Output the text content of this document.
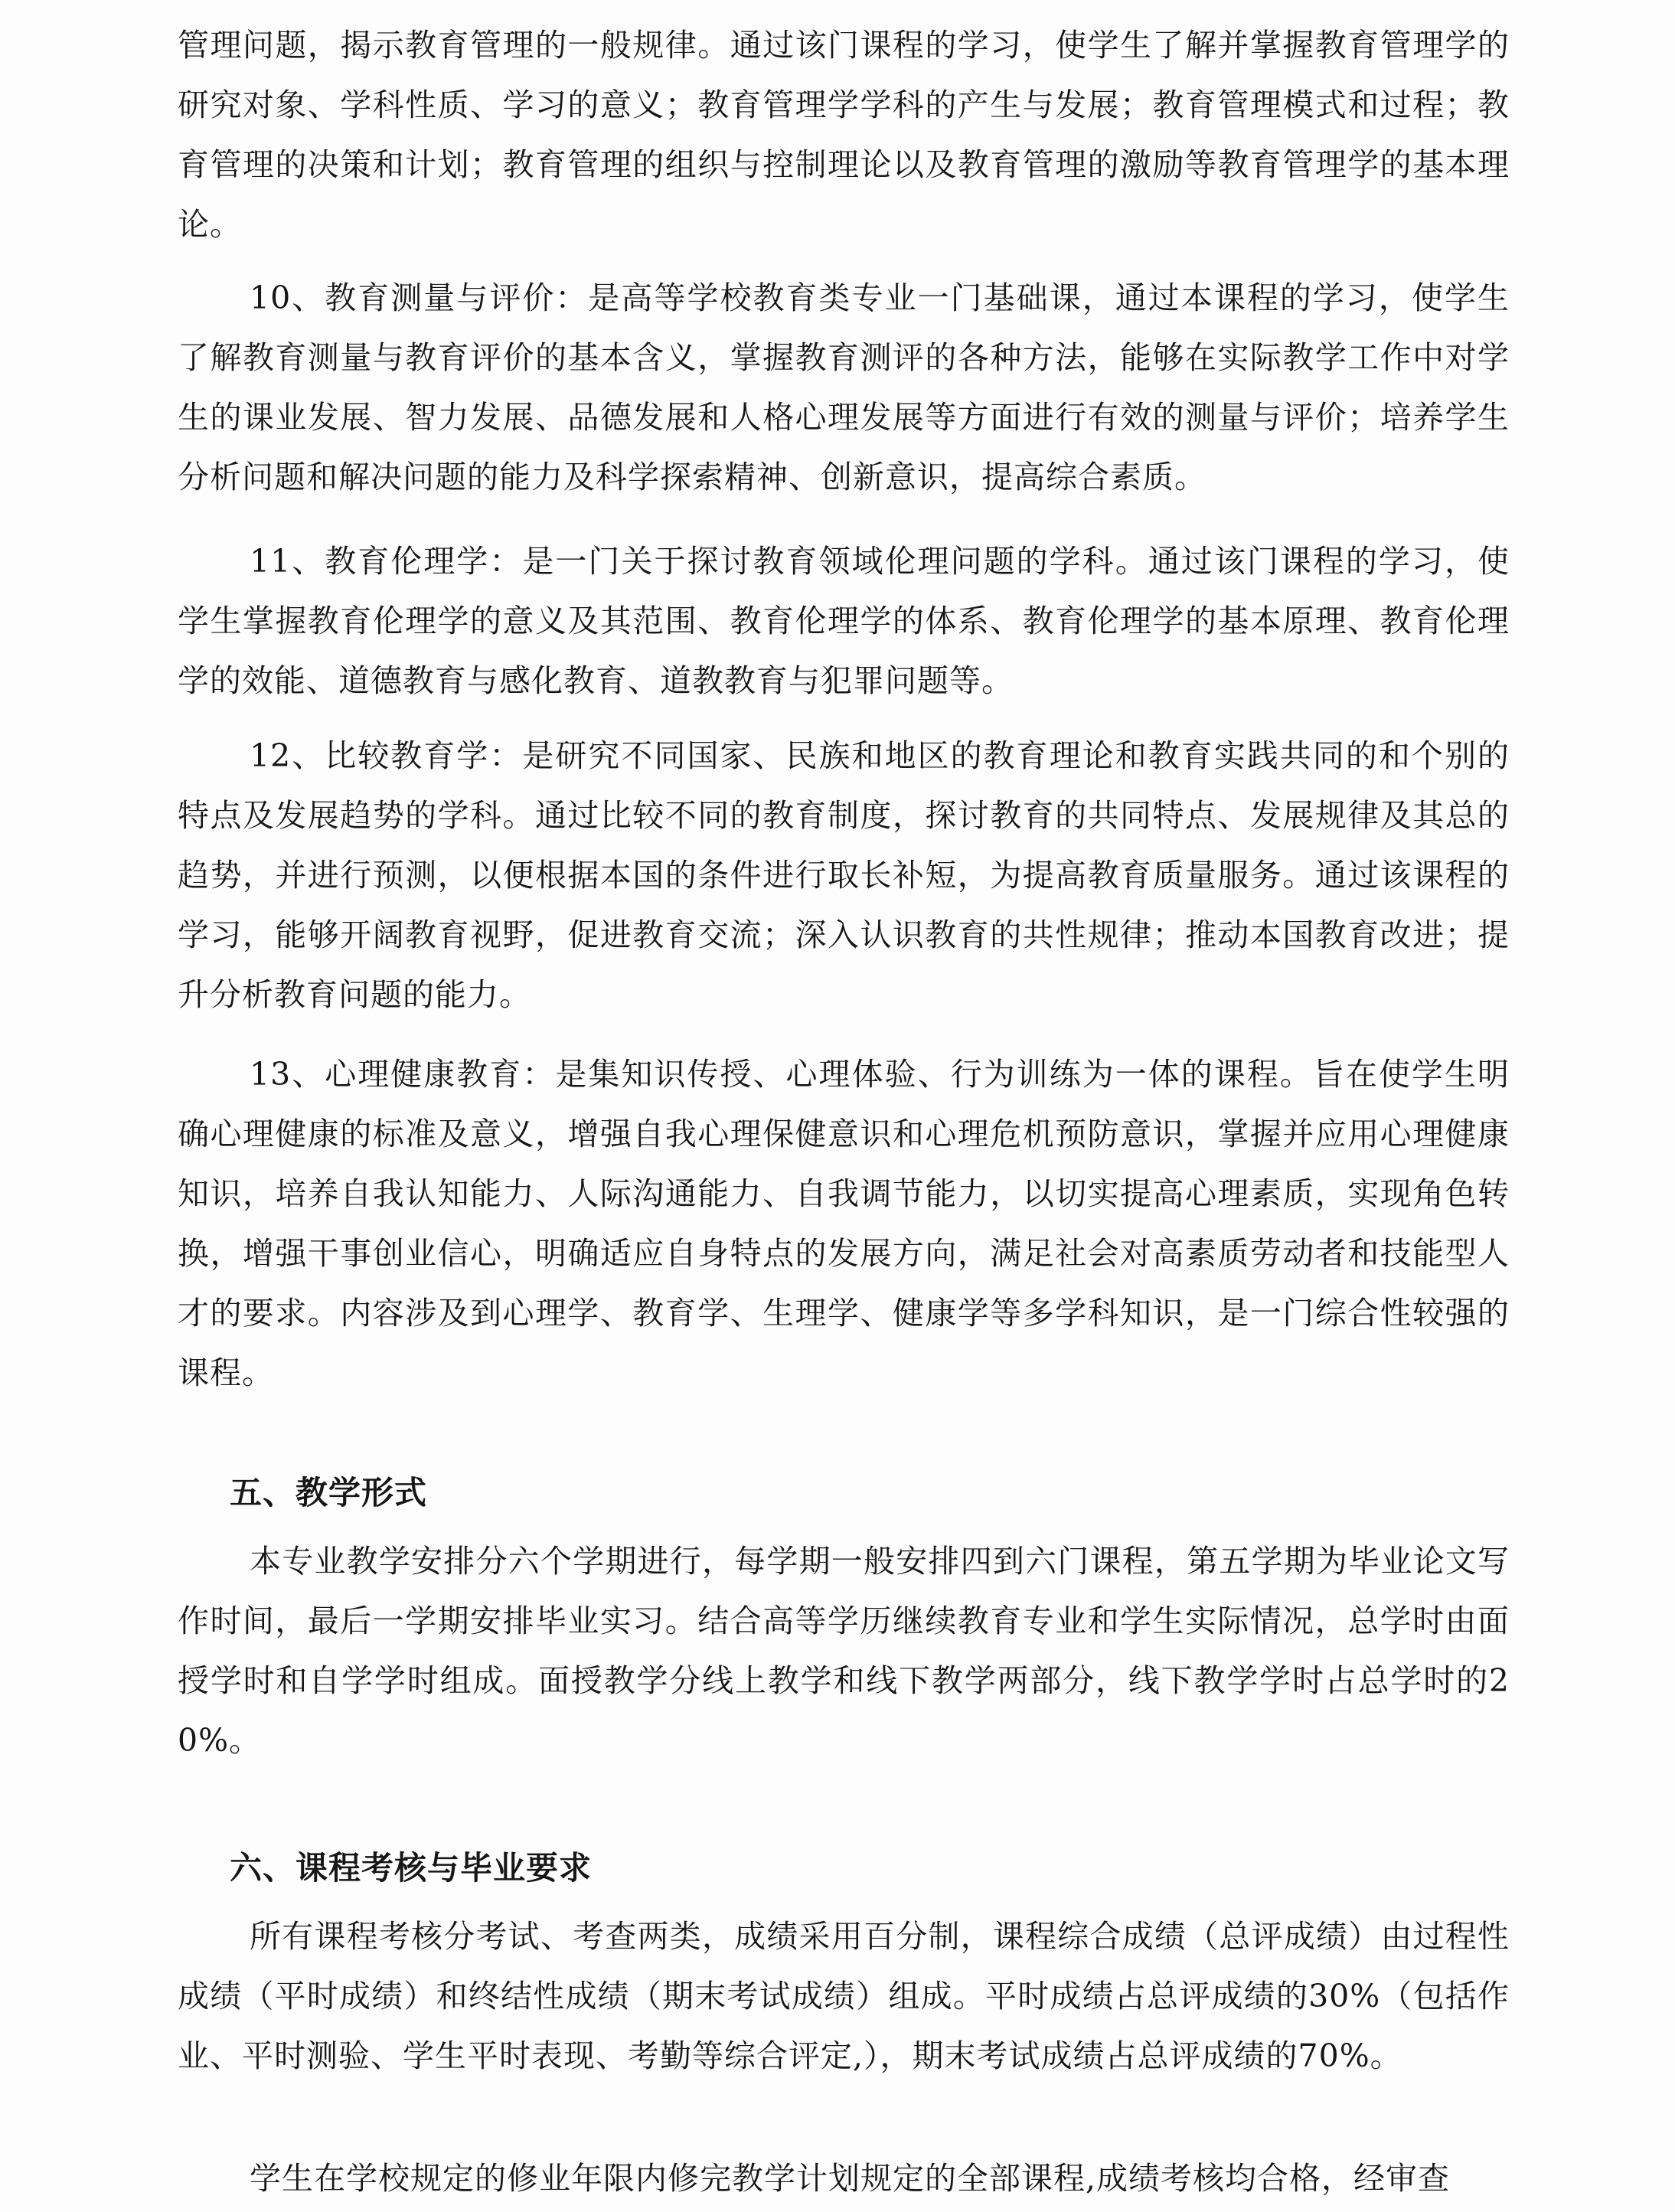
管理问题，揭示教育管理的一般规律。通过该门课程的学习，使学生了解并掌握教育管理学的研究对象、学科性质、学习的意义；教育管理学学科的产生与发展；教育管理模式和过程；教育管理的决策和计划；教育管理的组织与控制理论以及教育管理的激励等教育管理学的基本理论。

10、教育测量与评价：是高等学校教育类专业一门基础课，通过本课程的学习，使学生了解教育测量与教育评价的基本含义，掌握教育测评的各种方法，能够在实际教学工作中对学生的课业发展、智力发展、品德发展和人格心理发展等方面进行有效的测量与评价；培养学生分析问题和解决问题的能力及科学探索精神、创新意识，提高综合素质。

11、教育伦理学：是一门关于探讨教育领域伦理问题的学科。通过该门课程的学习，使学生掌握教育伦理学的意义及其范围、教育伦理学的体系、教育伦理学的基本原理、教育伦理学的效能、道德教育与感化教育、道教教育与犯罪问题等。

12、比较教育学：是研究不同国家、民族和地区的教育理论和教育实践共同的和个别的特点及发展趋势的学科。通过比较不同的教育制度，探讨教育的共同特点、发展规律及其总的趋势，并进行预测，以便根据本国的条件进行取长补短，为提高教育质量服务。通过该课程的学习，能够开阔教育视野，促进教育交流；深入认识教育的共性规律；推动本国教育改进；提升分析教育问题的能力。

13、心理健康教育：是集知识传授、心理体验、行为训练为一体的课程。旨在使学生明确心理健康的标准及意义，增强自我心理保健意识和心理危机预防意识，掌握并应用心理健康知识，培养自我认知能力、人际沟通能力、自我调节能力，以切实提高心理素质，实现角色转换，增强干事创业信心，明确适应自身特点的发展方向，满足社会对高素质劳动者和技能型人才的要求。内容涉及到心理学、教育学、生理学、健康学等多学科知识，是一门综合性较强的课程。

五、教学形式

本专业教学安排分六个学期进行，每学期一般安排四到六门课程，第五学期为毕业论文写作时间，最后一学期安排毕业实习。结合高等学历继续教育专业和学生实际情况，总学时由面授学时和自学学时组成。面授教学分线上教学和线下教学两部分，线下教学学时占总学时的20%。

六、课程考核与毕业要求

所有课程考核分考试、考查两类，成绩采用百分制，课程综合成绩（总评成绩）由过程性成绩（平时成绩）和终结性成绩（期末考试成绩）组成。平时成绩占总评成绩的30%（包括作业、平时测验、学生平时表现、考勤等综合评定,），期末考试成绩占总评成绩的70%。

学生在学校规定的修业年限内修完教学计划规定的全部课程,成绩考核均合格，经审查
